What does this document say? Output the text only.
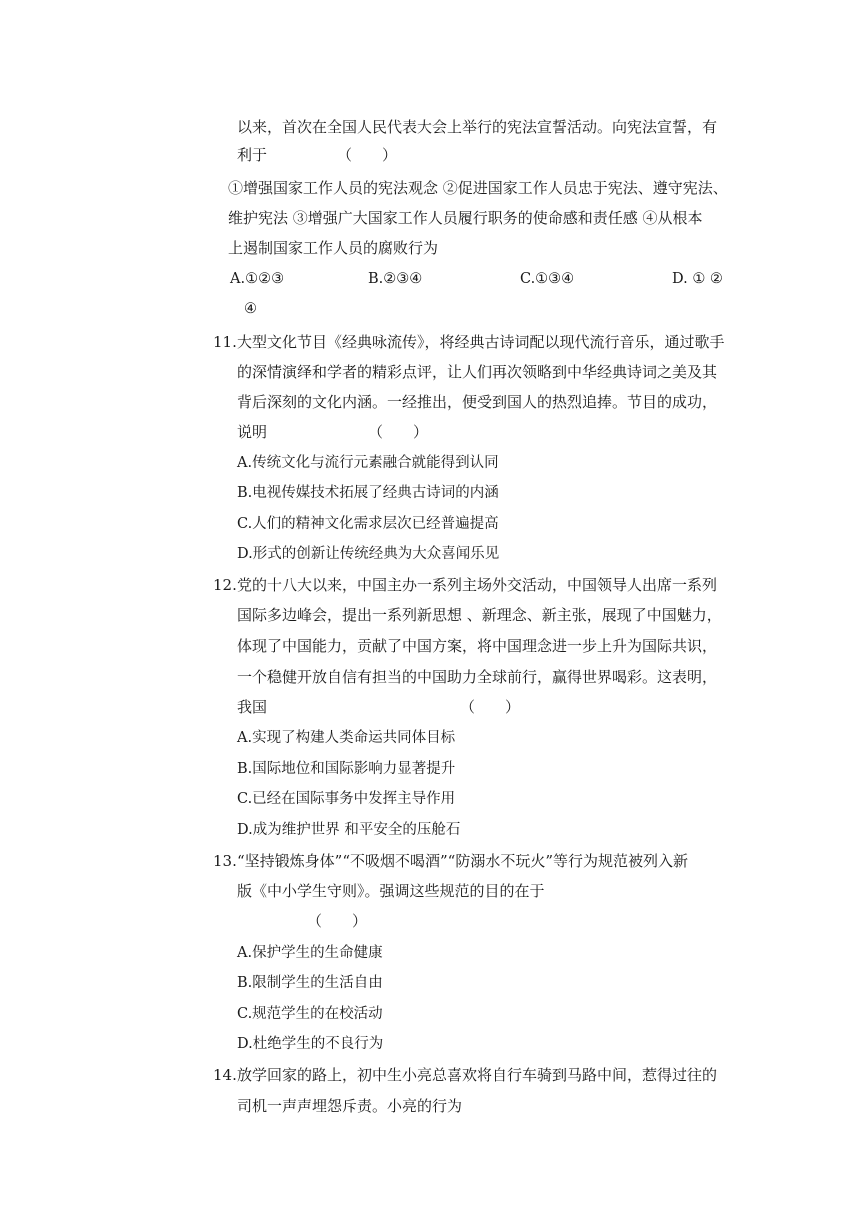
以来，首次在全国人民代表大会上举行的宪法宣誓活动。向宪法宣誓，有
利于	（　　）
①增强国家工作人员的宪法观念 ②促进国家工作人员忠于宪法、遵守宪法、
维护宪法 ③增强广大国家工作人员履行职务的使命感和责任感 ④从根本
上遏制国家工作人员的腐败行为
A.①②③	B.②③④	C.①③④	D. ① ②
④
11. 大型文化节目《经典咏流传》，将经典古诗词配以现代流行音乐，通过歌手
的深情演绎和学者的精彩点评，让人们再次领略到中华经典诗词之美及其
背后深刻的文化内涵。一经推出，便受到国人的热烈追捧。节目的成功，
说明	（　　）
A.传统文化与流行元素融合就能得到认同
B.电视传媒技术拓展了经典古诗词的内涵
C.人们的精神文化需求层次已经普遍提高
D.形式的创新让传统经典为大众喜闻乐见
12. 党的十八大以来，中国主办一系列主场外交活动，中国领导人出席一系列
国际多边峰会，提出一系列新思想 、新理念、新主张，展现了中国魅力，
体现了中国能力，贡献了中国方案，将中国理念进一步上升为国际共识，
一个稳健开放自信有担当的中国助力全球前行，赢得世界喝彩。这表明，
我国	（　　）
A.实现了构建人类命运共同体目标
B.国际地位和国际影响力显著提升
C.已经在国际事务中发挥主导作用
D.成为维护世界 和平安全的压舱石
13. “坚持锻炼身体”“不吸烟不喝酒”“防溺水不玩火”等行为规范被列入新
版《中小学生守则》。强调这些规范的目的在于
（　　）
A.保护学生的生命健康
B.限制学生的生活自由
C.规范学生的在校活动
D.杜绝学生的不良行为
14. 放学回家的路上，初中生小亮总喜欢将自行车骑到马路中间，惹得过往的
司机一声声埋怨斥责。小亮的行为
